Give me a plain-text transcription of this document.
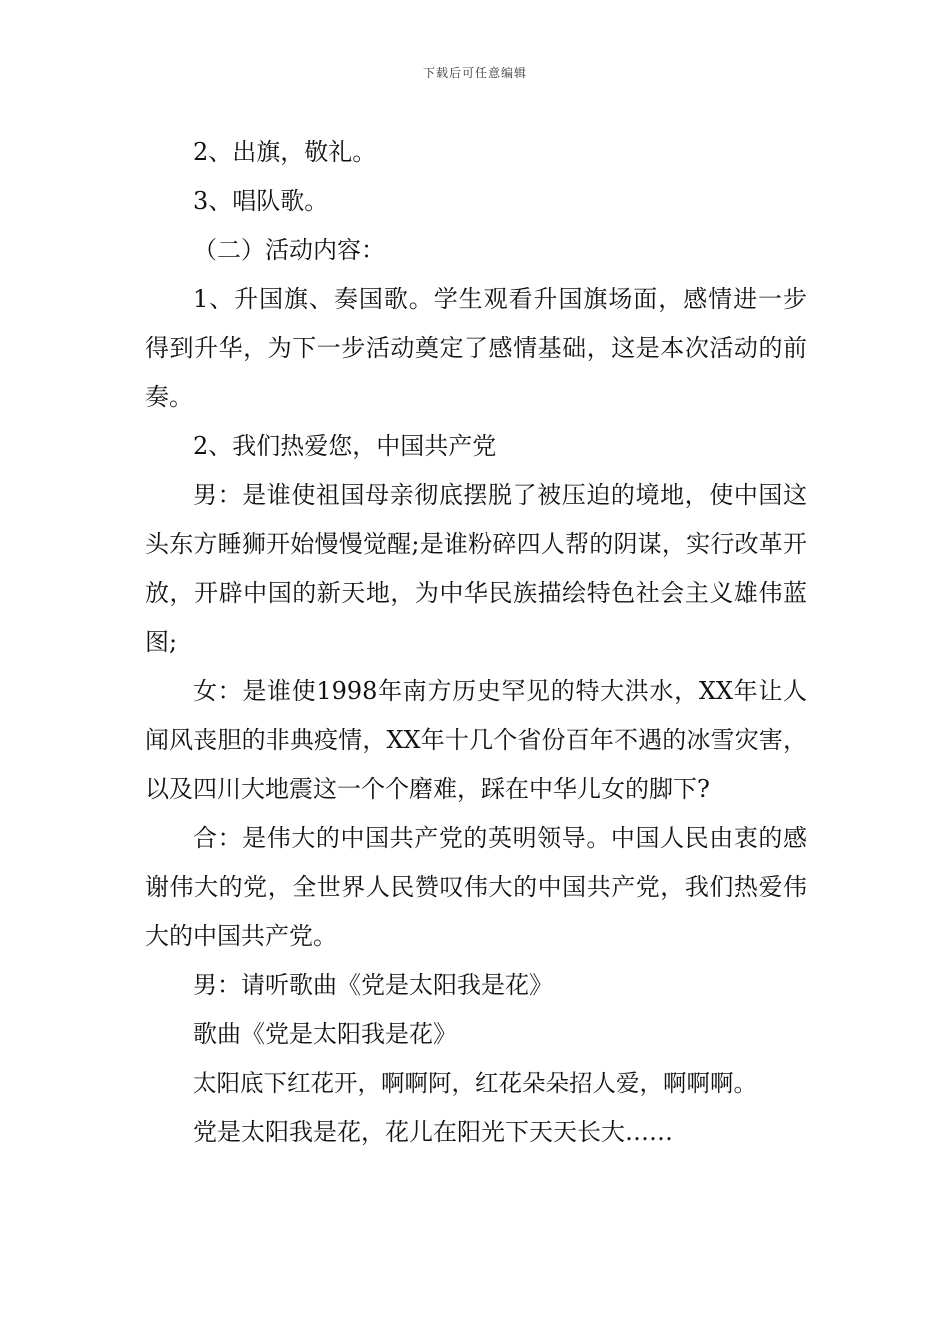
下载后可任意编辑

2、出旗，敬礼。

3、唱队歌。

（二）活动内容：

1、升国旗、奏国歌。学生观看升国旗场面，感情进一步得到升华，为下一步活动奠定了感情基础，这是本次活动的前奏。

2、我们热爱您，中国共产党

男：是谁使祖国母亲彻底摆脱了被压迫的境地，使中国这头东方睡狮开始慢慢觉醒;是谁粉碎四人帮的阴谋，实行改革开放，开辟中国的新天地，为中华民族描绘特色社会主义雄伟蓝图;

女：是谁使1998年南方历史罕见的特大洪水，XX年让人闻风丧胆的非典疫情，XX年十几个省份百年不遇的冰雪灾害，以及四川大地震这一个个磨难，踩在中华儿女的脚下?

合：是伟大的中国共产党的英明领导。中国人民由衷的感谢伟大的党，全世界人民赞叹伟大的中国共产党，我们热爱伟大的中国共产党。

男：请听歌曲《党是太阳我是花》

歌曲《党是太阳我是花》

太阳底下红花开，啊啊阿，红花朵朵招人爱，啊啊啊。

党是太阳我是花，花儿在阳光下天天长大……
